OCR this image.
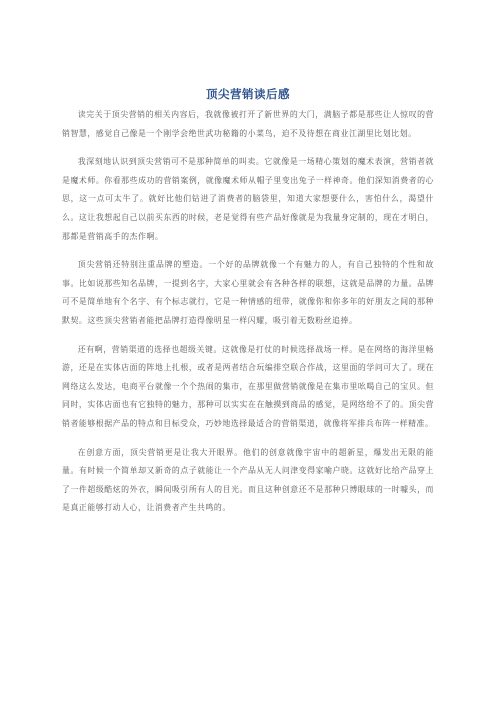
顶尖营销读后感

读完关于顶尖营销的相关内容后，我就像被打开了新世界的大门，满脑子都是那些让人惊叹的营销智慧，感觉自己像是一个刚学会绝世武功秘籍的小菜鸟，迫不及待想在商业江湖里比划比划。

我深刻地认识到顶尖营销可不是那种简单的叫卖。它就像是一场精心策划的魔术表演，营销者就是魔术师。你看那些成功的营销案例，就像魔术师从帽子里变出兔子一样神奇。他们深知消费者的心思，这一点可太牛了。就好比他们钻进了消费者的脑袋里，知道大家想要什么，害怕什么，渴望什么。这让我想起自己以前买东西的时候，老是觉得有些产品好像就是为我量身定制的，现在才明白，那都是营销高手的杰作啊。

顶尖营销还特别注重品牌的塑造。一个好的品牌就像一个有魅力的人，有自己独特的个性和故事。比如说那些知名品牌，一提到名字，大家心里就会有各种各样的联想，这就是品牌的力量。品牌可不是简单地有个名字、有个标志就行，它是一种情感的纽带，就像你和你多年的好朋友之间的那种默契。这些顶尖营销者能把品牌打造得像明星一样闪耀，吸引着无数粉丝追捧。

还有啊，营销渠道的选择也超级关键。这就像是打仗的时候选择战场一样。是在网络的海洋里畅游，还是在实体店面的阵地上扎根，或者是两者结合玩编排空联合作战，这里面的学问可大了。现在网络这么发达，电商平台就像一个个热闹的集市，在那里做营销就像是在集市里吆喝自己的宝贝。但同时，实体店面也有它独特的魅力，那种可以实实在在触摸到商品的感觉，是网络给不了的。顶尖营销者能够根据产品的特点和目标受众，巧妙地选择最适合的营销渠道，就像将军排兵布阵一样精准。

在创意方面，顶尖营销更是让我大开眼界。他们的创意就像宇宙中的超新星，爆发出无限的能量。有时候一个简单却又新奇的点子就能让一个产品从无人问津变得家喻户晓。这就好比给产品穿上了一件超级酷炫的外衣，瞬间吸引所有人的目光。而且这种创意还不是那种只博眼球的一时噱头，而是真正能够打动人心，让消费者产生共鸣的。
